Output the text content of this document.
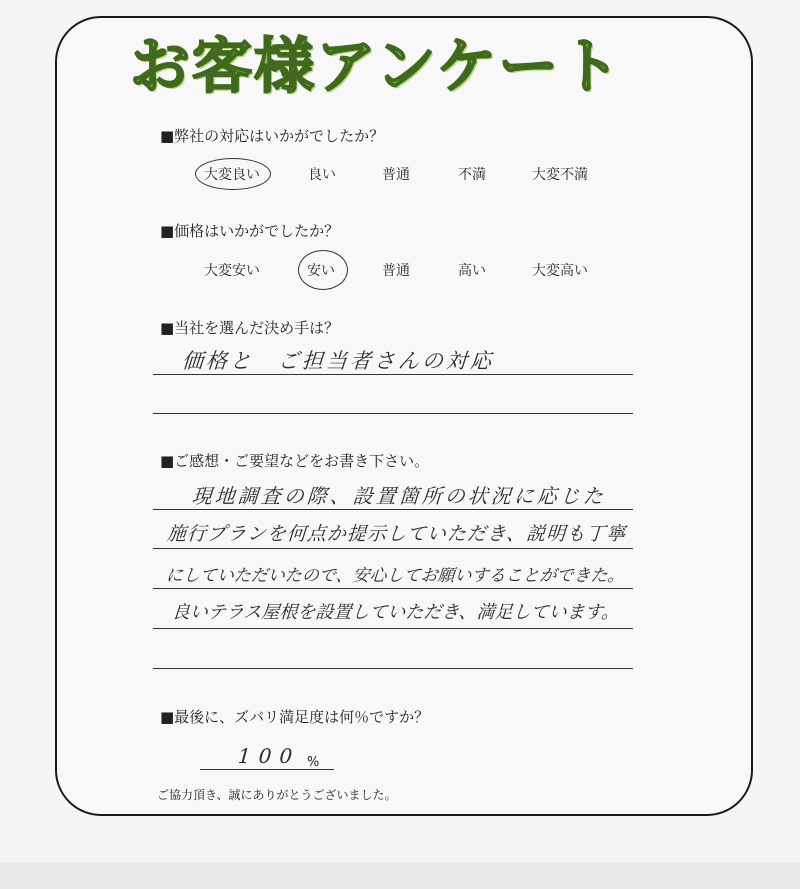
お客様アンケート
■弊社の対応はいかがでしたか？
大変良い	良い	普通	不満	大変不満
■価格はいかがでしたか？
大変安い	安い	普通	高い	大変高い
■当社を選んだ決め手は？
価格と　ご担当者さんの対応
■ご感想・ご要望などをお書き下さい。
現地調査の際、設置箇所の状況に応じた
施行プランを何点か提示していただき、説明も丁寧
にしていただいたので、安心してお願いすることができた。
良いテラス屋根を設置していただき、満足しています。
■最後に、ズバリ満足度は何％ですか？
100 %
ご協力頂き、誠にありがとうございました。
